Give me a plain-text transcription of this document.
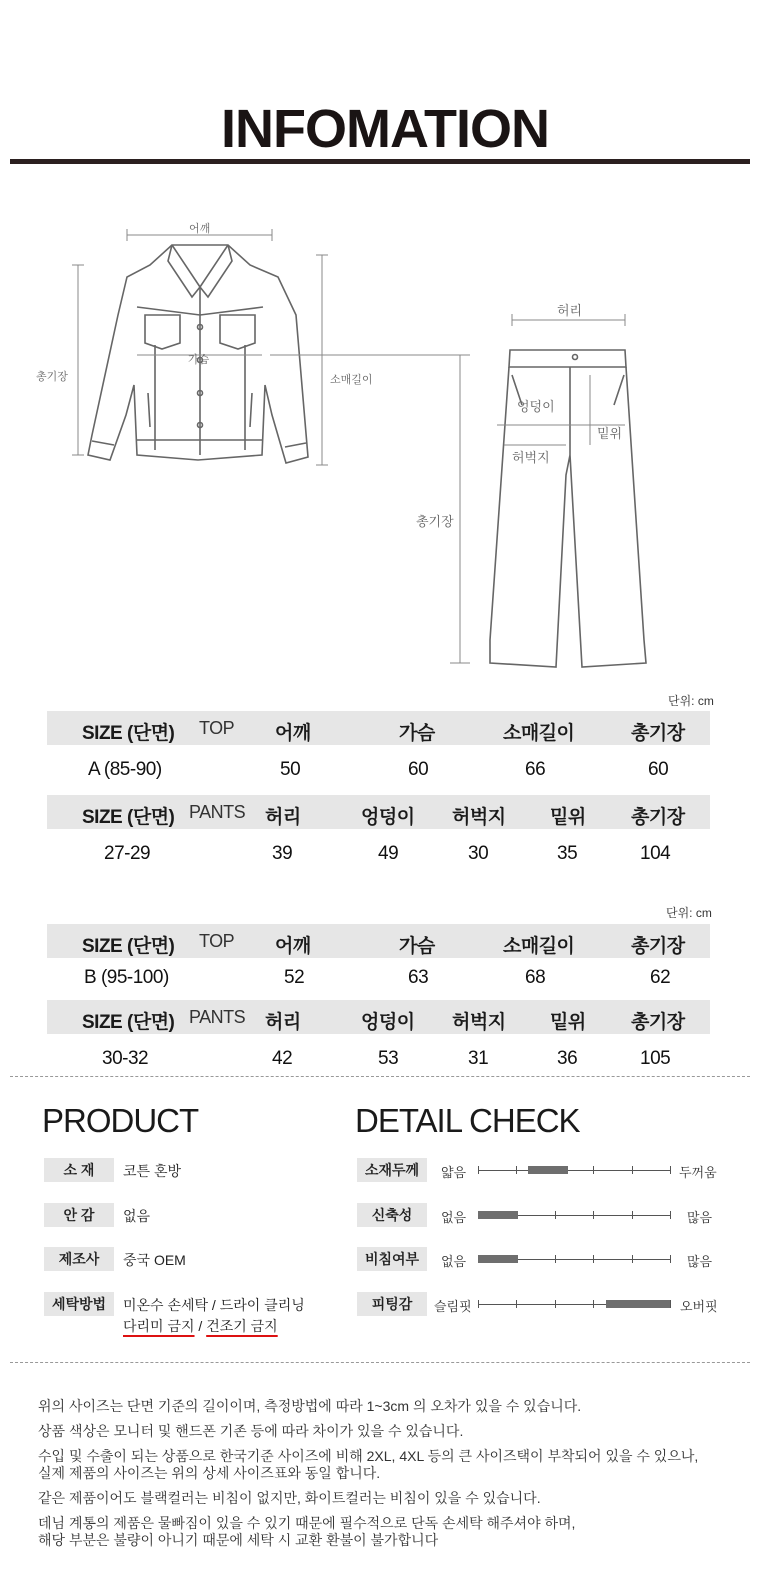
INFOMATION
어깨
총기장
가슴
소매길이
허리
엉덩이
밑위
허벅지
총기장
단위: cm
SIZE (단면) TOP 어깨	가슴	소매길이	총기장
A (85-90)	50	60	66	60
SIZE (단면) PANTS 허리	엉덩이 허벅지 밑위 총기장
27-29	39	49	30	35	104
단위: cm
SIZE (단면) TOP 어깨	가슴	소매길이	총기장
B (95-100)	52	63	68	62
SIZE (단면) PANTS 허리	엉덩이 허벅지 밑위 총기장
30-32	42	53	31	36	105
PRODUCT
소 재	코튼 혼방
안 감	없음
제조사	중국 OEM
세탁방법	미온수 손세탁 / 드라이 클리닝
다리미 금지 / 건조기 금지
DETAIL CHECK
소재두께	얇음	두꺼움
신축성	없음	많음
비침여부	없음	많음
피팅감	슬림핏	오버핏
위의 사이즈는 단면 기준의 길이이며, 측정방법에 따라 1~3cm 의 오차가 있을 수 있습니다.
상품 색상은 모니터 및 핸드폰 기존 등에 따라 차이가 있을 수 있습니다.
수입 및 수출이 되는 상품으로 한국기준 사이즈에 비해 2XL, 4XL 등의 큰 사이즈택이 부착되어 있을 수 있으나,
실제 제품의 사이즈는 위의 상세 사이즈표와 동일 합니다.
같은 제품이어도 블랙컬러는 비침이 없지만, 화이트컬러는 비침이 있을 수 있습니다.
데님 계통의 제품은 물빠짐이 있을 수 있기 때문에 필수적으로 단독 손세탁 해주셔야 하며,
해당 부분은 불량이 아니기 때문에 세탁 시 교환 환불이 불가합니다
